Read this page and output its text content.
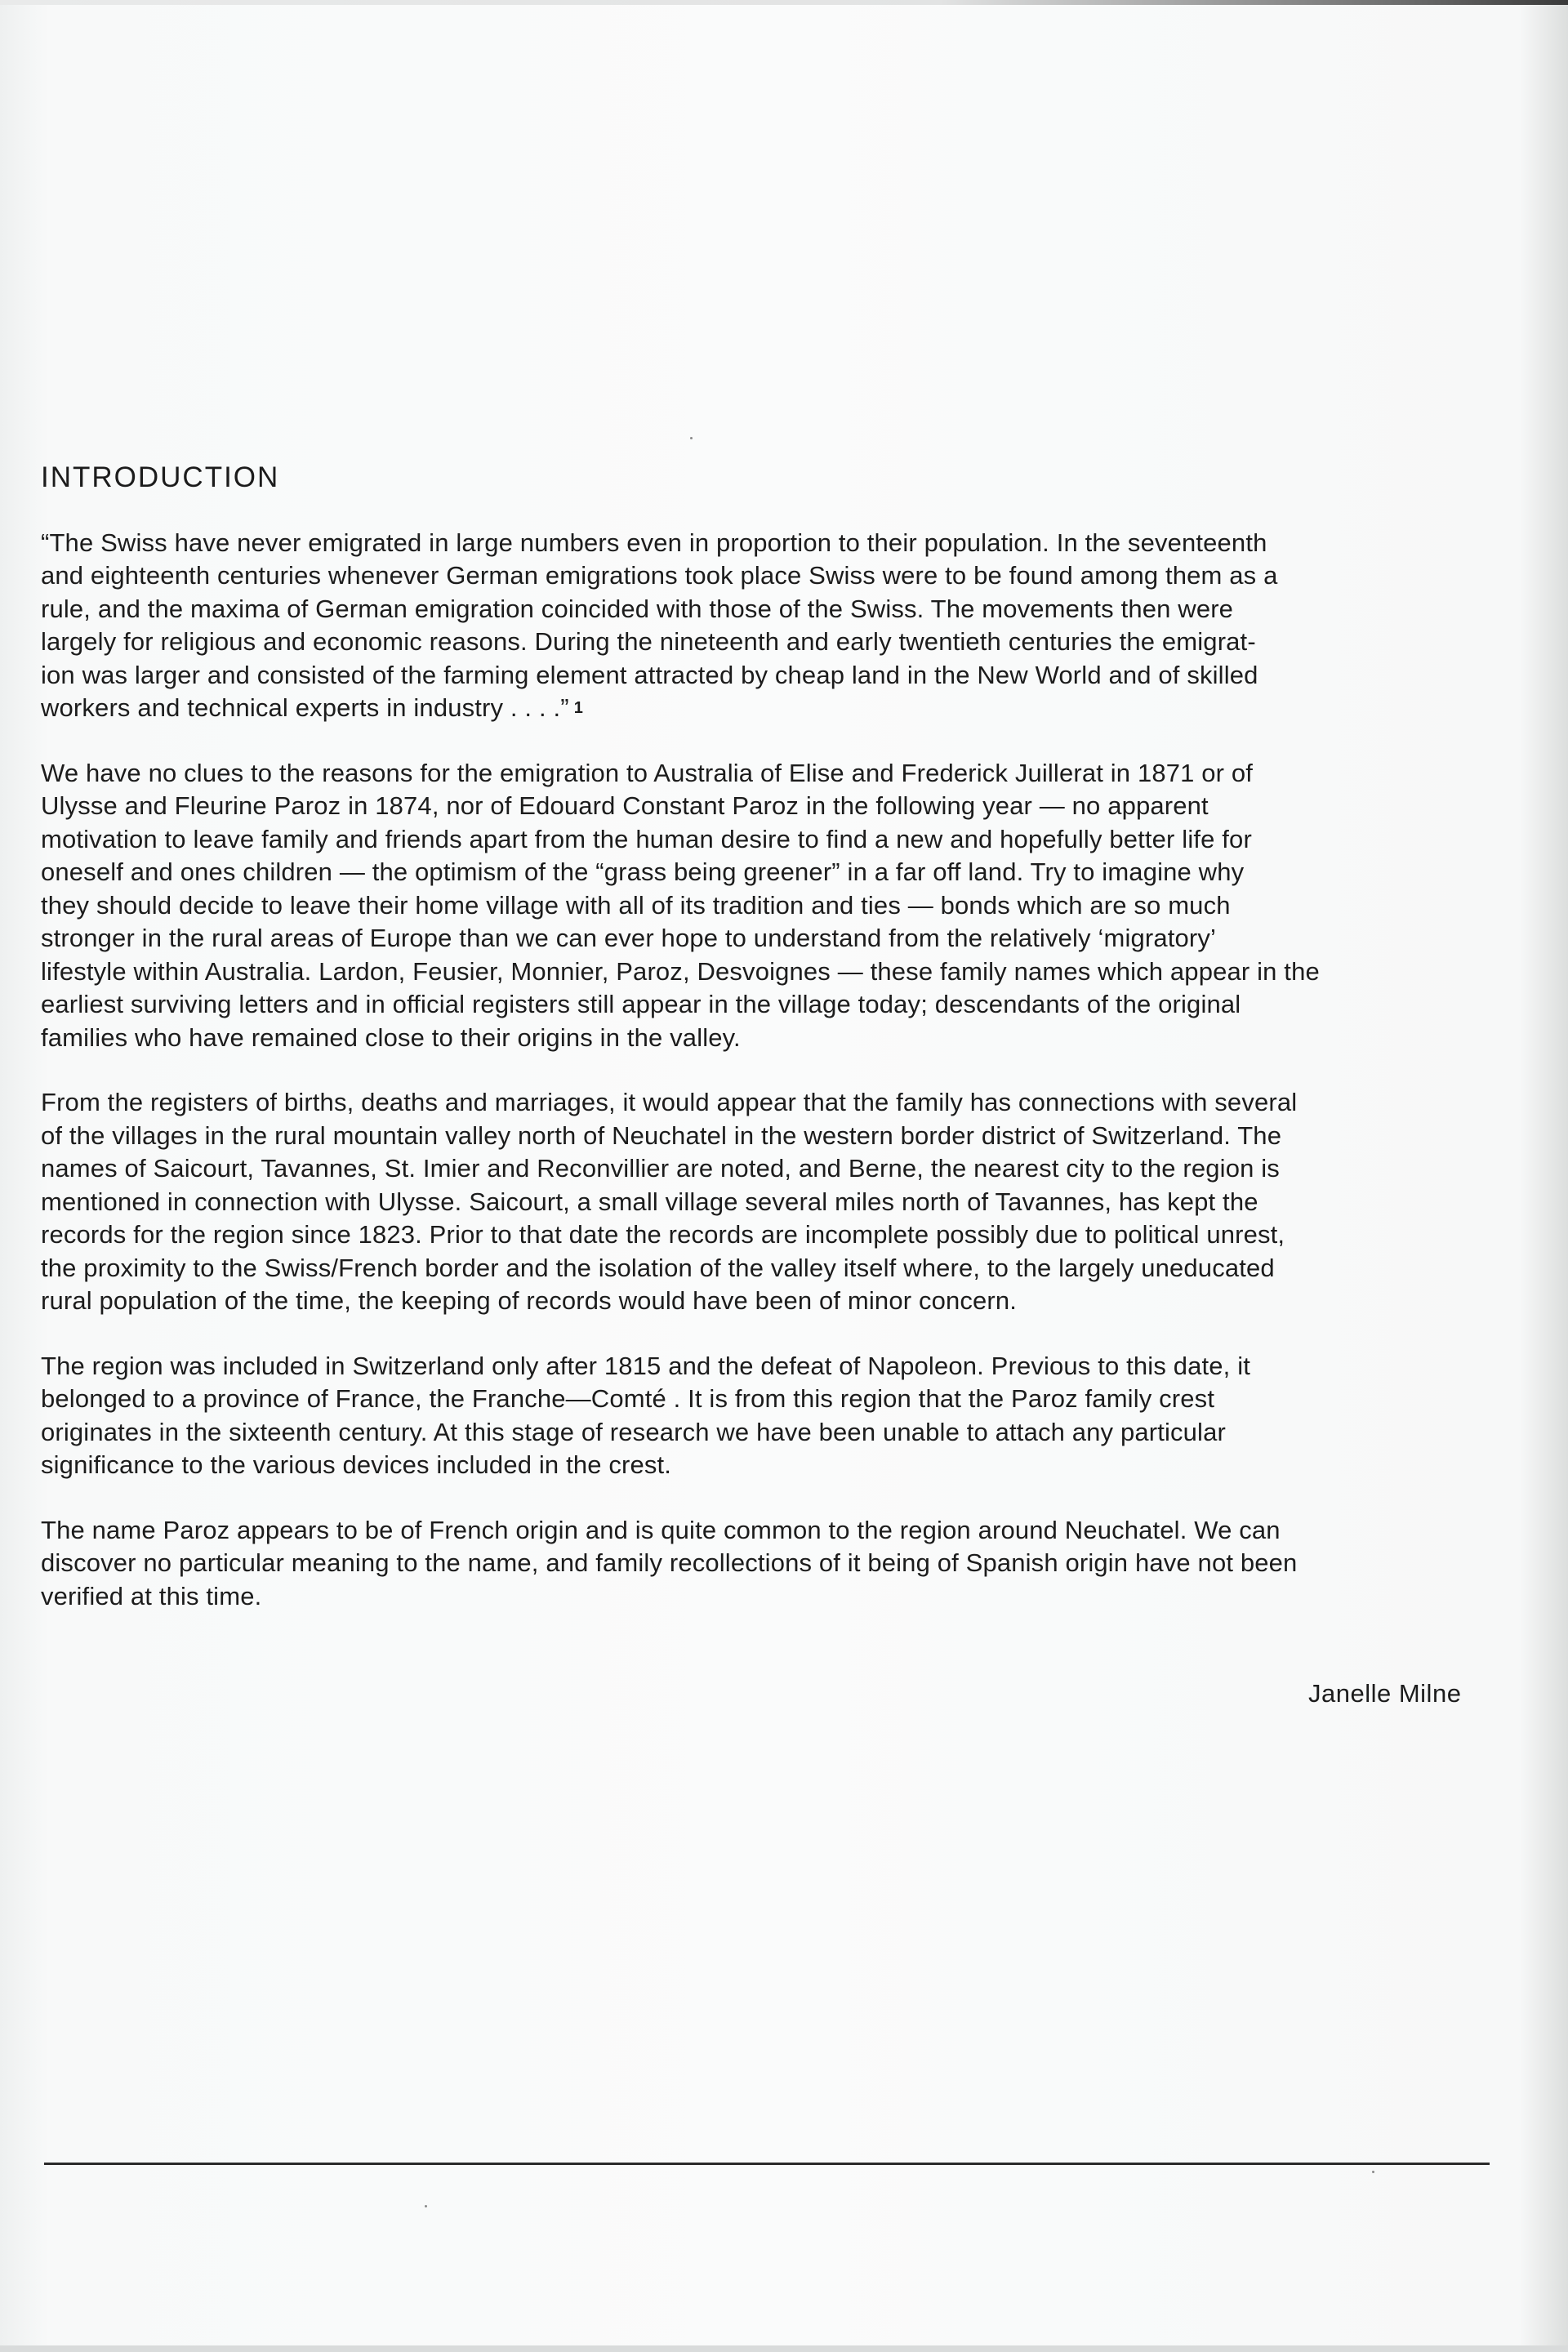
INTRODUCTION

“The Swiss have never emigrated in large numbers even in proportion to their population. In the seventeenth
and eighteenth centuries whenever German emigrations took place Swiss were to be found among them as a
rule, and the maxima of German emigration coincided with those of the Swiss. The movements then were
largely for religious and economic reasons. During the nineteenth and early twentieth centuries the emigrat-
ion was larger and consisted of the farming element attracted by cheap land in the New World and of skilled
workers and technical experts in industry . . . .” 1

We have no clues to the reasons for the emigration to Australia of Elise and Frederick Juillerat in 1871 or of
Ulysse and Fleurine Paroz in 1874, nor of Edouard Constant Paroz in the following year — no apparent
motivation to leave family and friends apart from the human desire to find a new and hopefully better life for
oneself and ones children — the optimism of the “grass being greener” in a far off land. Try to imagine why
they should decide to leave their home village with all of its tradition and ties — bonds which are so much
stronger in the rural areas of Europe than we can ever hope to understand from the relatively ‘migratory’
lifestyle within Australia. Lardon, Feusier, Monnier, Paroz, Desvoignes — these family names which appear in the
earliest surviving letters and in official registers still appear in the village today; descendants of the original
families who have remained close to their origins in the valley.

From the registers of births, deaths and marriages, it would appear that the family has connections with several
of the villages in the rural mountain valley north of Neuchatel in the western border district of Switzerland. The
names of Saicourt, Tavannes, St. Imier and Reconvillier are noted, and Berne, the nearest city to the region is
mentioned in connection with Ulysse. Saicourt, a small village several miles north of Tavannes, has kept the
records for the region since 1823. Prior to that date the records are incomplete possibly due to political unrest,
the proximity to the Swiss/French border and the isolation of the valley itself where, to the largely uneducated
rural population of the time, the keeping of records would have been of minor concern.

The region was included in Switzerland only after 1815 and the defeat of Napoleon. Previous to this date, it
belonged to a province of France, the Franche—Comté . It is from this region that the Paroz family crest
originates in the sixteenth century. At this stage of research we have been unable to attach any particular
significance to the various devices included in the crest.

The name Paroz appears to be of French origin and is quite common to the region around Neuchatel. We can
discover no particular meaning to the name, and family recollections of it being of Spanish origin have not been
verified at this time.

Janelle Milne
